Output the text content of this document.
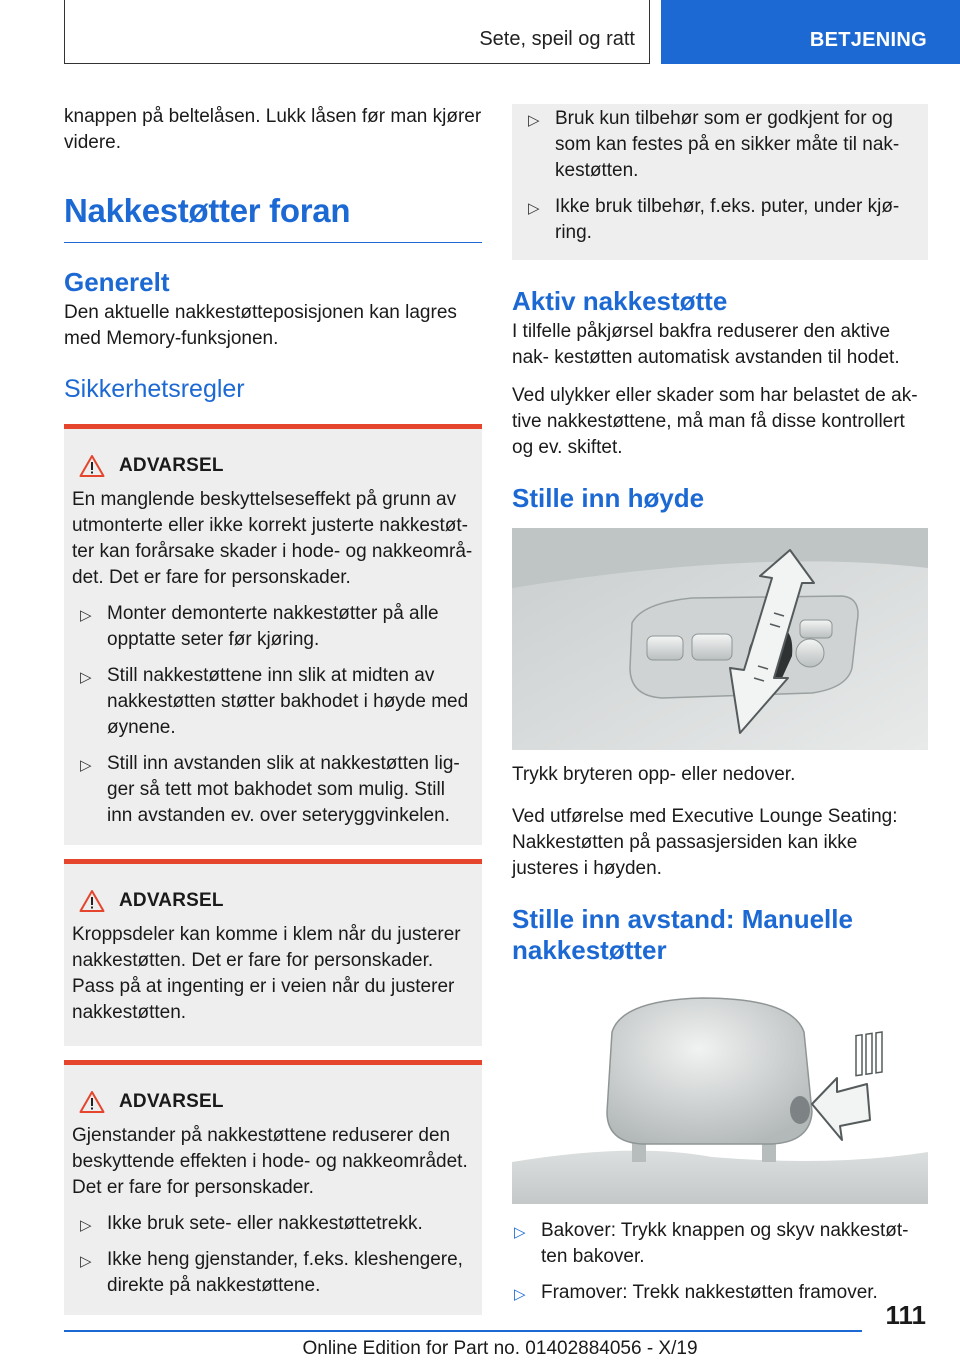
Sete, speil og ratt	BETJENING

knappen på beltelåsen. Lukk låsen før man kjører videre.

Nakkestøtter foran
Generelt

Den aktuelle nakkestøtteposisjonen kan lagres med Memory-funksjonen.

Sikkerhetsregler
ADVARSEL

En manglende beskyttelseseffekt på grunn av utmonterte eller ikke korrekt justerte nakkestøt- ter kan forårsake skader i hode- og nakkeområ- det. Det er fare for personskader.

▷ Monter demonterte nakkestøtter på alle opptatte seter før kjøring.
▷ Still nakkestøttene inn slik at midten av nakkestøtten støtter bakhodet i høyde med øynene.
▷ Still inn avstanden slik at nakkestøtten lig- ger så tett mot bakhodet som mulig. Still inn avstanden ev. over seteryggvinkelen.
ADVARSEL

Kroppsdeler kan komme i klem når du justerer nakkestøtten. Det er fare for personskader. Pass på at ingenting er i veien når du justerer nakkestøtten.

ADVARSEL

Gjenstander på nakkestøttene reduserer den beskyttende effekten i hode- og nakkeområdet. Det er fare for personskader.

▷ Ikke bruk sete- eller nakkestøttetrekk.
▷ Ikke heng gjenstander, f.eks. kleshengere, direkte på nakkestøttene.
▷ Bruk kun tilbehør som er godkjent for og som kan festes på en sikker måte til nak- kestøtten.
▷ Ikke bruk tilbehør, f.eks. puter, under kjø- ring.
Aktiv nakkestøtte

I tilfelle påkjørsel bakfra reduserer den aktive nak- kestøtten automatisk avstanden til hodet.

Ved ulykker eller skader som har belastet de ak- tive nakkestøttene, må man få disse kontrollert og ev. skiftet.

Stille inn høyde

Trykk bryteren opp- eller nedover.

Ved utførelse med Executive Lounge Seating: Nakkestøtten på passasjersiden kan ikke justeres i høyden.

Stille inn avstand: Manuelle nakkestøtter
▷ Bakover: Trykk knappen og skyv nakkestøt- ten bakover.
▷ Framover: Trekk nakkestøtten framover.
111
Online Edition for Part no. 01402884056 - X/19
